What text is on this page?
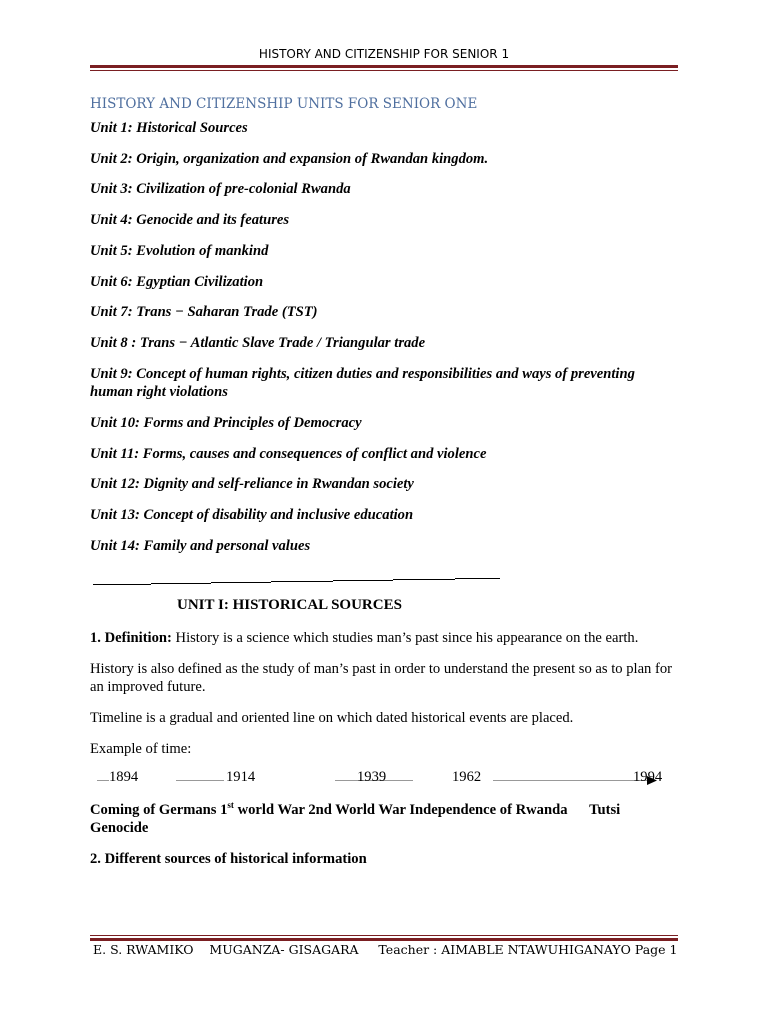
HISTORY AND CITIZENSHIP FOR SENIOR 1
HISTORY AND CITIZENSHIP UNITS FOR SENIOR ONE
Unit 1: Historical Sources
Unit 2: Origin, organization and expansion of Rwandan kingdom.
Unit 3: Civilization of pre-colonial Rwanda
Unit 4: Genocide and its features
Unit 5: Evolution of mankind
Unit 6: Egyptian Civilization
Unit 7: Trans − Saharan Trade (TST)
Unit 8 : Trans − Atlantic Slave Trade / Triangular trade
Unit 9: Concept of human rights, citizen duties and responsibilities and ways of preventing human right violations
Unit 10: Forms and Principles of Democracy
Unit 11: Forms, causes and consequences of conflict and violence
Unit 12: Dignity and self-reliance in Rwandan society
Unit 13: Concept of disability and inclusive education
Unit 14: Family and personal values
UNIT I: HISTORICAL SOURCES
1. Definition: History is a science which studies man’s past since his appearance on the earth.
History is also defined as the study of man’s past in order to understand the present so as to plan for an improved future.
Timeline is a gradual and oriented line on which dated historical events are placed.
Example of time:
1894	1914	1939	1962	1994
Coming of Germans 1st world War 2nd World War Independence of Rwanda      Tutsi Genocide
2. Different sources of historical information
E. S. RWAMIKO    MUGANZA- GISAGARA     Teacher : AIMABLE NTAWUHIGANAYO Page 1
